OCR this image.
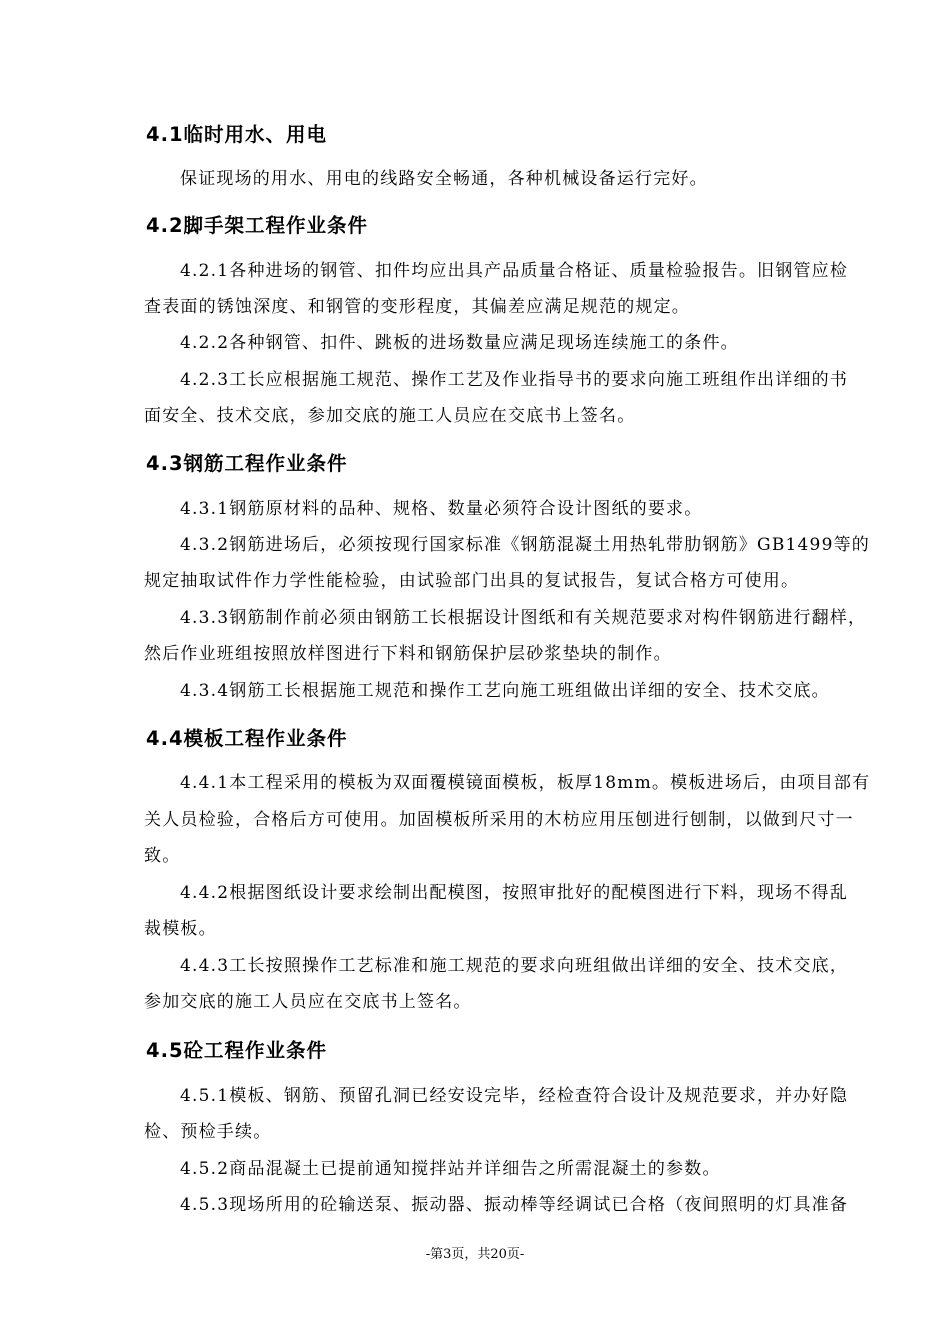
4.1临时用水、用电
保证现场的用水、用电的线路安全畅通，各种机械设备运行完好。
4.2脚手架工程作业条件
4.2.1各种进场的钢管、扣件均应出具产品质量合格证、质量检验报告。旧钢管应检
查表面的锈蚀深度、和钢管的变形程度，其偏差应满足规范的规定。
4.2.2各种钢管、扣件、跳板的进场数量应满足现场连续施工的条件。
4.2.3工长应根据施工规范、操作工艺及作业指导书的要求向施工班组作出详细的书
面安全、技术交底，参加交底的施工人员应在交底书上签名。
4.3钢筋工程作业条件
4.3.1钢筋原材料的品种、规格、数量必须符合设计图纸的要求。
4.3.2钢筋进场后，必须按现行国家标准《钢筋混凝土用热轧带肋钢筋》GB1499等的
规定抽取试件作力学性能检验，由试验部门出具的复试报告，复试合格方可使用。
4.3.3钢筋制作前必须由钢筋工长根据设计图纸和有关规范要求对构件钢筋进行翻样，
然后作业班组按照放样图进行下料和钢筋保护层砂浆垫块的制作。
4.3.4钢筋工长根据施工规范和操作工艺向施工班组做出详细的安全、技术交底。
4.4模板工程作业条件
4.4.1本工程采用的模板为双面覆模镜面模板，板厚18mm。模板进场后，由项目部有
关人员检验，合格后方可使用。加固模板所采用的木枋应用压刨进行刨制，以做到尺寸一
致。
4.4.2根据图纸设计要求绘制出配模图，按照审批好的配模图进行下料，现场不得乱
裁模板。
4.4.3工长按照操作工艺标准和施工规范的要求向班组做出详细的安全、技术交底，
参加交底的施工人员应在交底书上签名。
4.5砼工程作业条件
4.5.1模板、钢筋、预留孔洞已经安设完毕，经检查符合设计及规范要求，并办好隐
检、预检手续。
4.5.2商品混凝土已提前通知搅拌站并详细告之所需混凝土的参数。
4.5.3现场所用的砼输送泵、振动器、振动棒等经调试已合格（夜间照明的灯具准备
-第3页，共20页-
